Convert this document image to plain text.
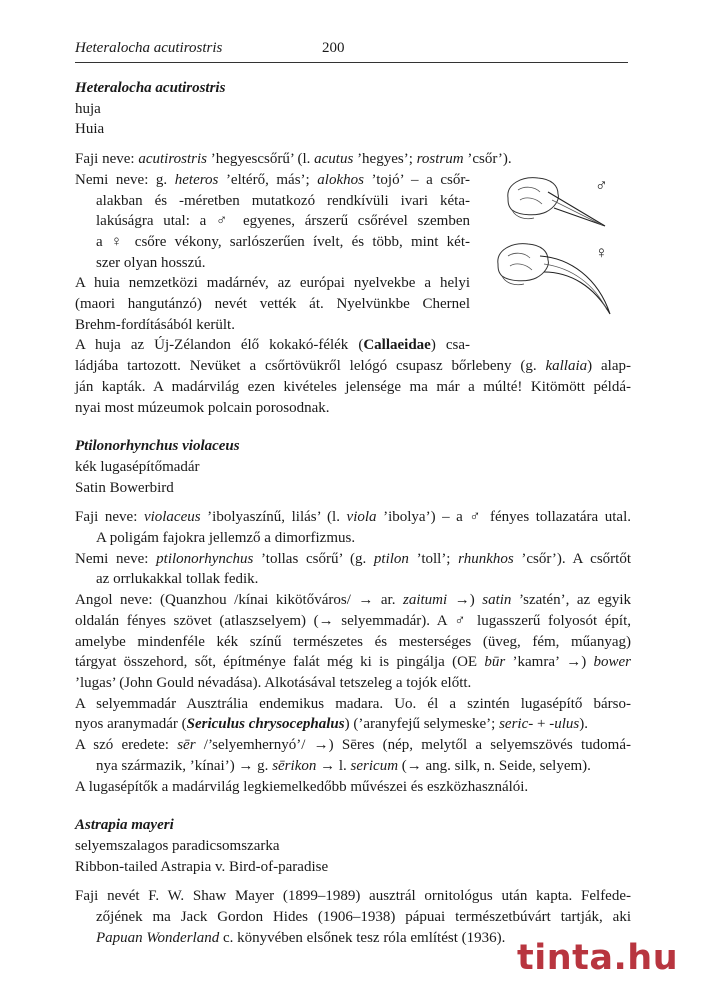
Heteralocha acutirostris	200
Heteralocha acutirostris
huja
Huia
Faji neve: acutirostris ’hegyescsőrű’ (l. acutus ’hegyes’; rostrum ’csőr’).
Nemi neve: g. heteros ’eltérő, más’; alokhos ’tojó’ – a csőr-
alakban és -méretben mutatkozó rendkívüli ivari kéta-
lakúságra utal: a ♂ egyenes, árszerű csőrével szemben
a ♀ csőre vékony, sarlószerűen ívelt, és több, mint két-
szer olyan hosszú.
A huia nemzetközi madárnév, az európai nyelvekbe a helyi
(maori hangutánzó) nevét vették át. Nyelvünkbe Chernel
Brehm-fordításából került.
A huja az Új-Zélandon élő kokakó-félék (Callaeidae) csa-
ládjába tartozott. Nevüket a csőrtövükről lelógó csupasz bőrlebeny (g. kallaia) alap-
ján kapták. A madárvilág ezen kivételes jelensége ma már a múlté! Kitömött példá-
nyai most múzeumok polcain porosodnak.
Ptilonorhynchus violaceus
kék lugasépítőmadár
Satin Bowerbird
Faji neve: violaceus ’ibolyaszínű, lilás’ (l. viola ’ibolya’) – a ♂ fényes tollazatára utal.
A poligám fajokra jellemző a dimorfizmus.
Nemi neve: ptilonorhynchus ’tollas csőrű’ (g. ptilon ’toll’; rhunkhos ’csőr’). A csőrtőt
az orrlukakkal tollak fedik.
Angol neve: (Quanzhou /kínai kikötőváros/ → ar. zaitumi →) satin ’szatén’, az egyik
oldalán fényes szövet (atlaszselyem) (→ selyemmadár). A ♂ lugasszerű folyosót épít,
amelybe mindenféle kék színű természetes és mesterséges (üveg, fém, műanyag)
tárgyat összehord, sőt, építménye falát még ki is pingálja (OE būr ’kamra’ →) bower
’lugas’ (John Gould névadása). Alkotásával tetszeleg a tojók előtt.
A selyemmadár Ausztrália endemikus madara. Uo. él a szintén lugasépítő bárso-
nyos aranymadár (Sericulus chrysocephalus) (’aranyfejű selymeske’; seric- + -ulus).
A szó eredete: sēr /’selyemhernyó’/ →) Sēres (nép, melytől a selyemszövés tudomá-
nya származik, ’kínai’) → g. sērikon → l. sericum (→ ang. silk, n. Seide, selyem).
A lugasépítők a madárvilág legkiemelkedőbb művészei és eszközhasználói.
Astrapia mayeri
selyemszalagos paradicsomszarka
Ribbon-tailed Astrapia v. Bird-of-paradise
Faji nevét F. W. Shaw Mayer (1899–1989) ausztrál ornitológus után kapta. Felfede-
zőjének ma Jack Gordon Hides (1906–1938) pápuai természetbúvárt tartják, aki
Papuan Wonderland c. könyvében elsőnek tesz róla említést (1936).
♂
♀
tinta.hu
